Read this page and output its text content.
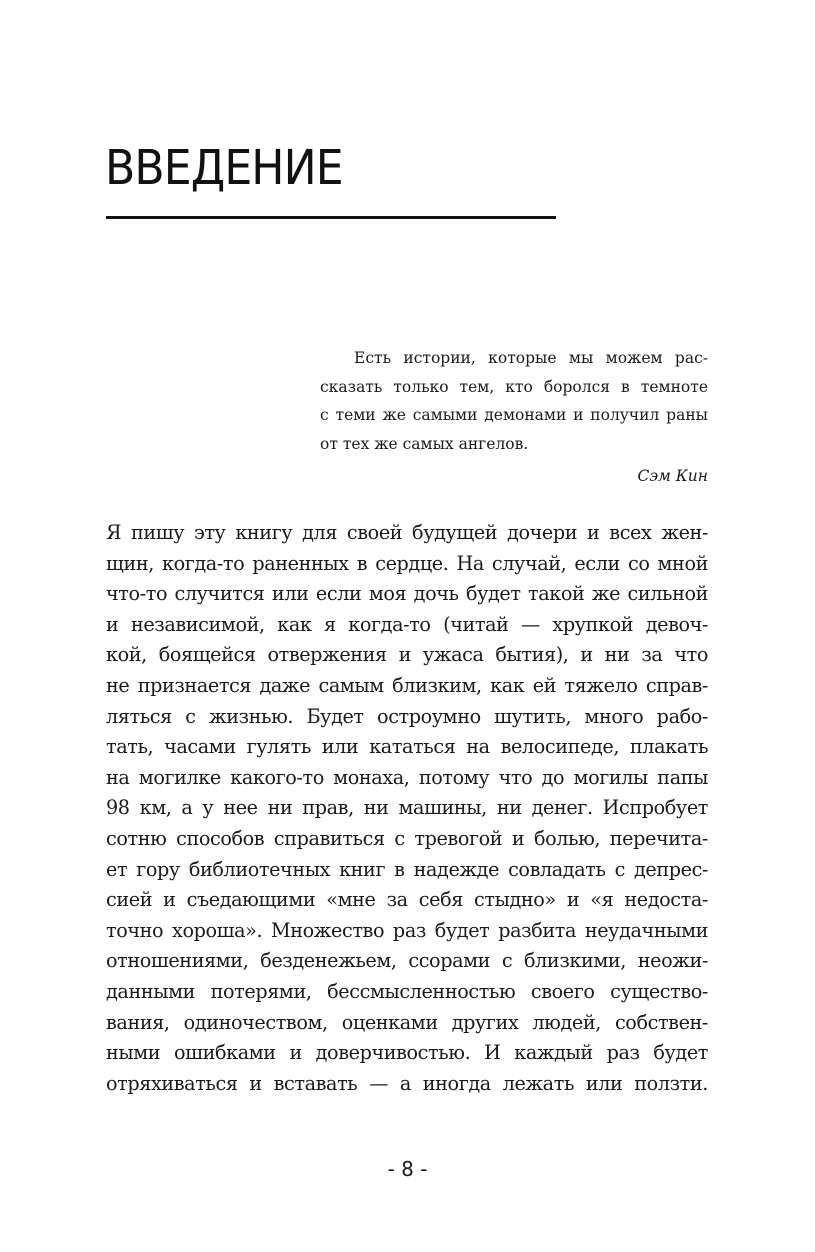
ВВЕДЕНИЕ
Есть истории, которые мы можем рас-
сказать только тем, кто боролся в темноте
с теми же самыми демонами и получил раны
от тех же самых ангелов.
Сэм Кин
Я пишу эту книгу для своей будущей дочери и всех жен-
щин, когда-то раненных в сердце. На случай, если со мной
что-то случится или если моя дочь будет такой же сильной
и независимой, как я когда-то (читай — хрупкой девоч-
кой, боящейся отвержения и ужаса бытия), и ни за что
не признается даже самым близким, как ей тяжело справ-
ляться с жизнью. Будет остроумно шутить, много рабо-
тать, часами гулять или кататься на велосипеде, плакать
на могилке какого-то монаха, потому что до могилы папы
98 км, а у нее ни прав, ни машины, ни денег. Испробует
сотню способов справиться с тревогой и болью, перечита-
ет гору библиотечных книг в надежде совладать с депрес-
сией и съедающими «мне за себя стыдно» и «я недоста-
точно хороша». Множество раз будет разбита неудачными
отношениями, безденежьем, ссорами с близкими, неожи-
данными потерями, бессмысленностью своего существо-
вания, одиночеством, оценками других людей, собствен-
ными ошибками и доверчивостью. И каждый раз будет
отряхиваться и вставать — а иногда лежать или ползти.
- 8 -
